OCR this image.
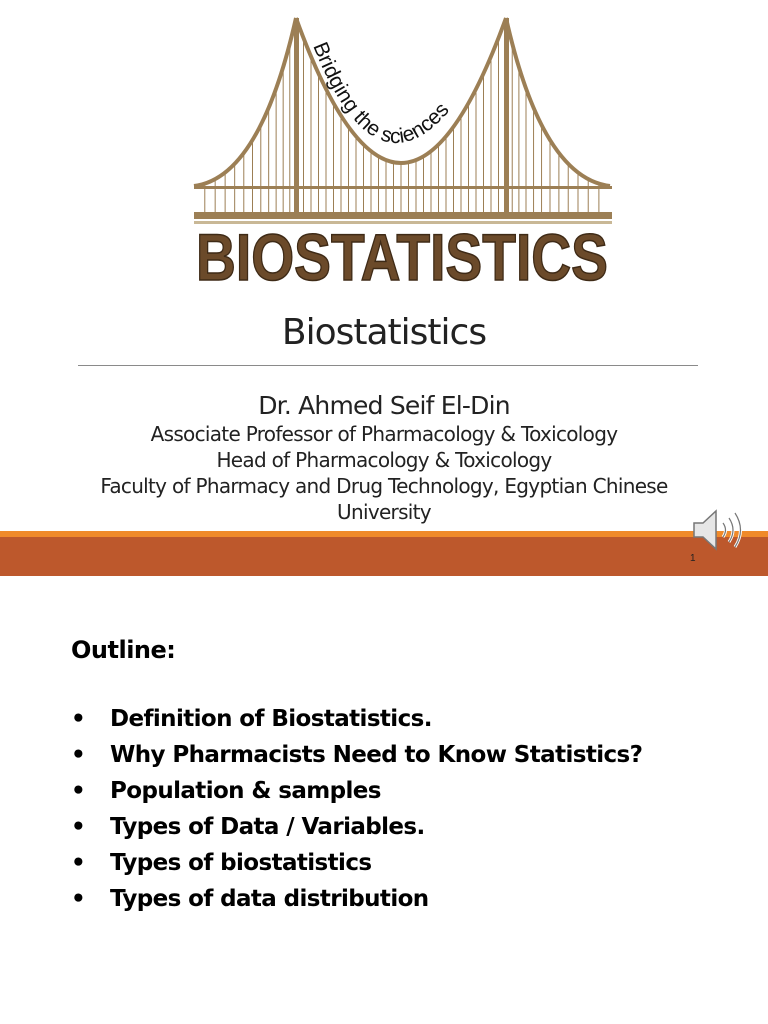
Bridging the sciences
BIOSTATISTICS
Biostatistics
Dr. Ahmed Seif El-Din
Associate Professor of Pharmacology & Toxicology
Head of Pharmacology & Toxicology
Faculty of Pharmacy and Drug Technology, Egyptian Chinese University
1
Outline:
• Definition of Biostatistics.
• Why Pharmacists Need to Know Statistics?
• Population & samples
• Types of Data / Variables.
• Types of biostatistics
• Types of data distribution
